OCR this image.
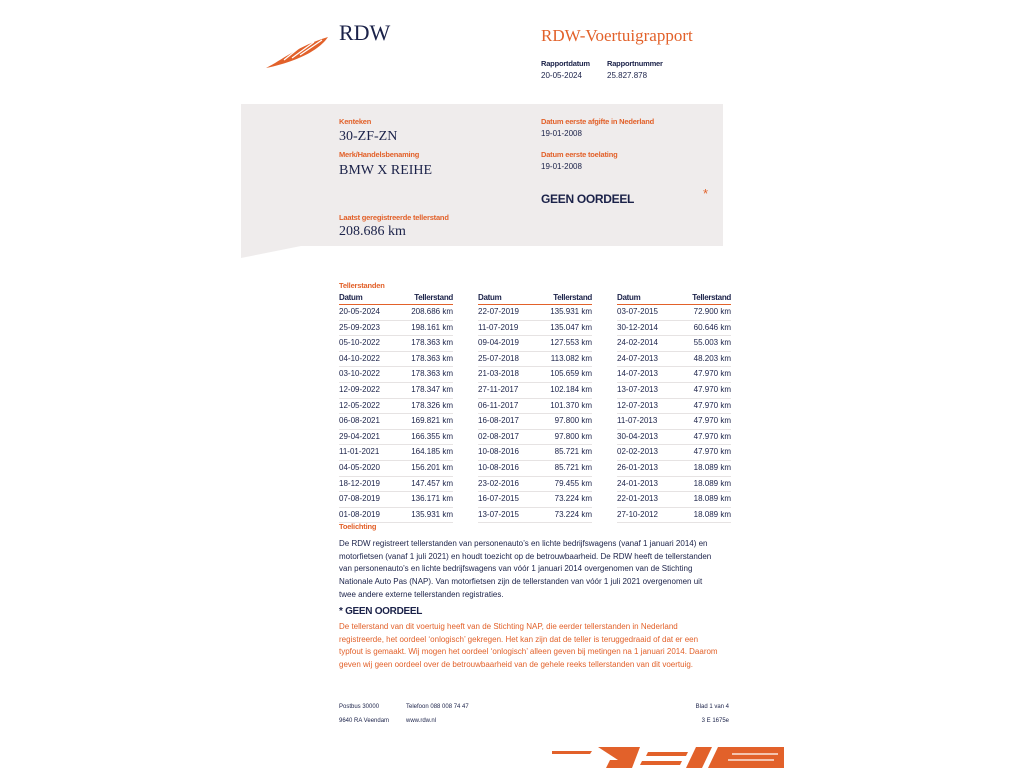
RDW	RDW-Voertuigrapport
Rapportdatum
20-05-2024
Rapportnummer
25.827.878
Kenteken
30-ZF-ZN
Merk/Handelsbenaming
BMW X REIHE
Datum eerste afgifte in Nederland
19-01-2008
Datum eerste toelating
19-01-2008
GEEN OORDEEL	*
Laatst geregistreerde tellerstand
208.686 km
Tellerstanden
Datum	Tellerstand
20-05-2024	208.686 km
25-09-2023	198.161 km
05-10-2022	178.363 km
04-10-2022	178.363 km
03-10-2022	178.363 km
12-09-2022	178.347 km
12-05-2022	178.326 km
06-08-2021	169.821 km
29-04-2021	166.355 km
11-01-2021	164.185 km
04-05-2020	156.201 km
18-12-2019	147.457 km
07-08-2019	136.171 km
01-08-2019	135.931 km
Datum	Tellerstand
22-07-2019	135.931 km
11-07-2019	135.047 km
09-04-2019	127.553 km
25-07-2018	113.082 km
21-03-2018	105.659 km
27-11-2017	102.184 km
06-11-2017	101.370 km
16-08-2017	97.800 km
02-08-2017	97.800 km
10-08-2016	85.721 km
10-08-2016	85.721 km
23-02-2016	79.455 km
16-07-2015	73.224 km
13-07-2015	73.224 km
Datum	Tellerstand
03-07-2015	72.900 km
30-12-2014	60.646 km
24-02-2014	55.003 km
24-07-2013	48.203 km
14-07-2013	47.970 km
13-07-2013	47.970 km
12-07-2013	47.970 km
11-07-2013	47.970 km
30-04-2013	47.970 km
02-02-2013	47.970 km
26-01-2013	18.089 km
24-01-2013	18.089 km
22-01-2013	18.089 km
27-10-2012	18.089 km
Toelichting
De RDW registreert tellerstanden van personenauto’s en lichte bedrijfswagens (vanaf 1 januari 2014) en
motorfietsen (vanaf 1 juli 2021) en houdt toezicht op de betrouwbaarheid. De RDW heeft de tellerstanden
van personenauto’s en lichte bedrijfswagens van vóór 1 januari 2014 overgenomen van de Stichting
Nationale Auto Pas (NAP). Van motorfietsen zijn de tellerstanden van vóór 1 juli 2021 overgenomen uit
twee andere externe tellerstanden registraties.
* GEEN OORDEEL
De tellerstand van dit voertuig heeft van de Stichting NAP, die eerder tellerstanden in Nederland
registreerde, het oordeel ‘onlogisch’ gekregen. Het kan zijn dat de teller is teruggedraaid of dat er een
typfout is gemaakt. Wij mogen het oordeel ‘onlogisch’ alleen geven bij metingen na 1 januari 2014. Daarom
geven wij geen oordeel over de betrouwbaarheid van de gehele reeks tellerstanden van dit voertuig.
Postbus 30000
9640 RA Veendam
Telefoon 088 008 74 47
www.rdw.nl
Blad 1 van 4
3 E 1675e
